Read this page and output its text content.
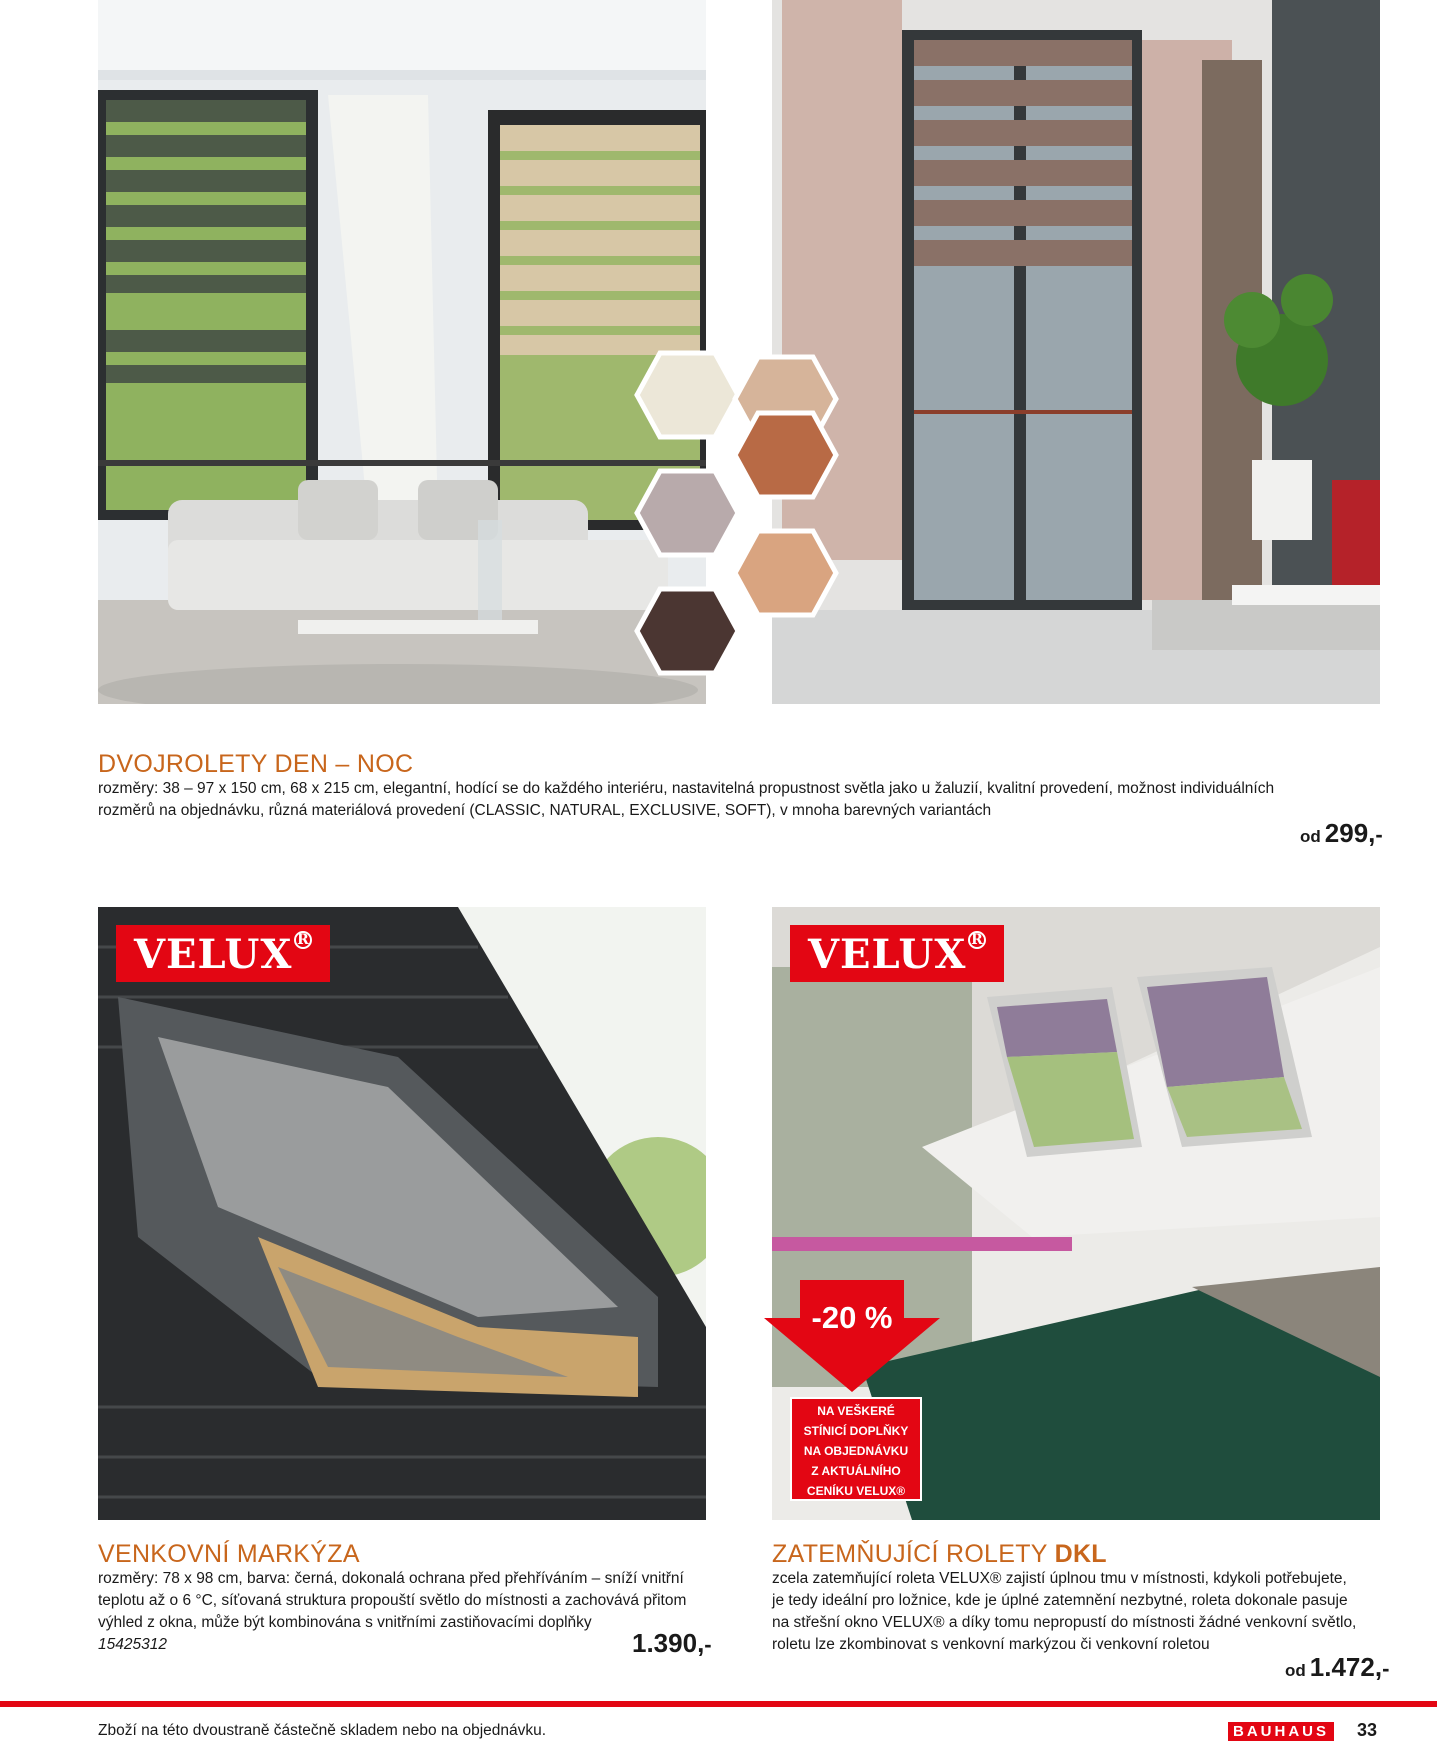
DVOJROLETY DEN – NOC
rozměry: 38 – 97 x 150 cm, 68 x 215 cm, elegantní, hodící se do každého interiéru, nastavitelná propustnost světla jako u žaluzií, kvalitní provedení, možnost individuálních
rozměrů na objednávku, různá materiálová provedení (CLASSIC, NATURAL, EXCLUSIVE, SOFT), v mnoha barevných variantách
od 299,-
VELUX R	VELUX R
-20 %
NA VEŠKERÉ
STÍNICÍ DOPLŇKY
NA OBJEDNÁVKU
Z AKTUÁLNÍHO
CENÍKU VELUX®
VENKOVNÍ MARKÝZA
rozměry: 78 x 98 cm, barva: černá, dokonalá ochrana před přehříváním – sníží vnitřní
teplotu až o 6 °C, síťovaná struktura propouští světlo do místnosti a zachovává přitom
výhled z okna, může být kombinována s vnitřními zastiňovacími doplňky
15425312	1.390,-
ZATEMŇUJÍCÍ ROLETY DKL
zcela zatemňující roleta VELUX® zajistí úplnou tmu v místnosti, kdykoli potřebujete,
je tedy ideální pro ložnice, kde je úplné zatemnění nezbytné, roleta dokonale pasuje
na střešní okno VELUX® a díky tomu nepropustí do místnosti žádné venkovní světlo,
roletu lze zkombinovat s venkovní markýzou či venkovní roletou
od 1.472,-
Zboží na této dvoustraně částečně skladem nebo na objednávku.	BAUHAUS 33
